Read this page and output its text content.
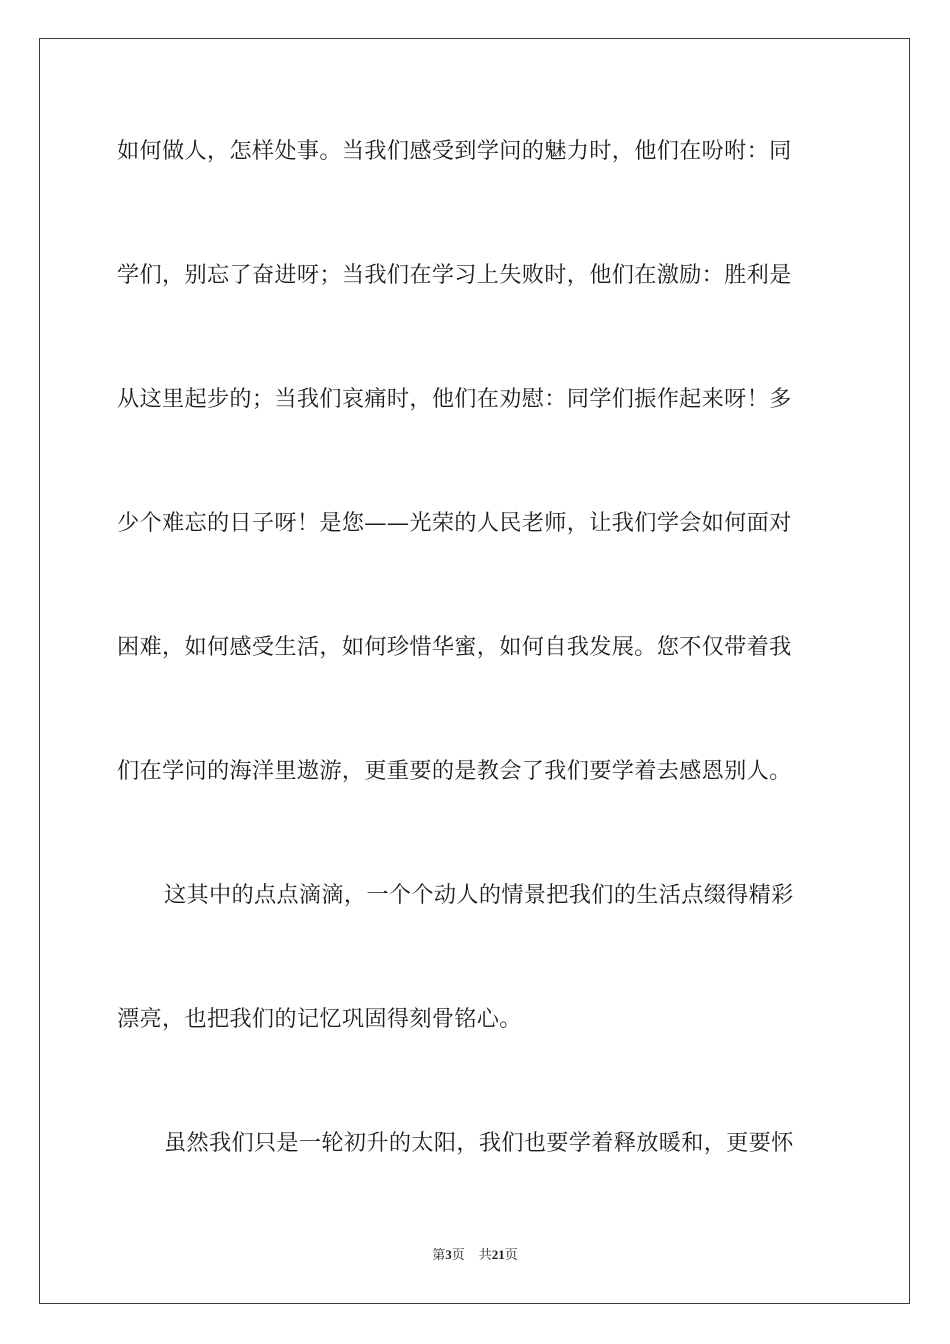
如何做人，怎样处事。当我们感受到学问的魅力时，他们在吩咐：同
学们，别忘了奋进呀；当我们在学习上失败时，他们在激励：胜利是
从这里起步的；当我们哀痛时，他们在劝慰：同学们振作起来呀！多
少个难忘的日子呀！是您——光荣的人民老师，让我们学会如何面对
困难，如何感受生活，如何珍惜华蜜，如何自我发展。您不仅带着我
们在学问的海洋里遨游，更重要的是教会了我们要学着去感恩别人。
这其中的点点滴滴，一个个动人的情景把我们的生活点缀得精彩
漂亮，也把我们的记忆巩固得刻骨铭心。
虽然我们只是一轮初升的太阳，我们也要学着释放暖和，更要怀
第3页 共21页
